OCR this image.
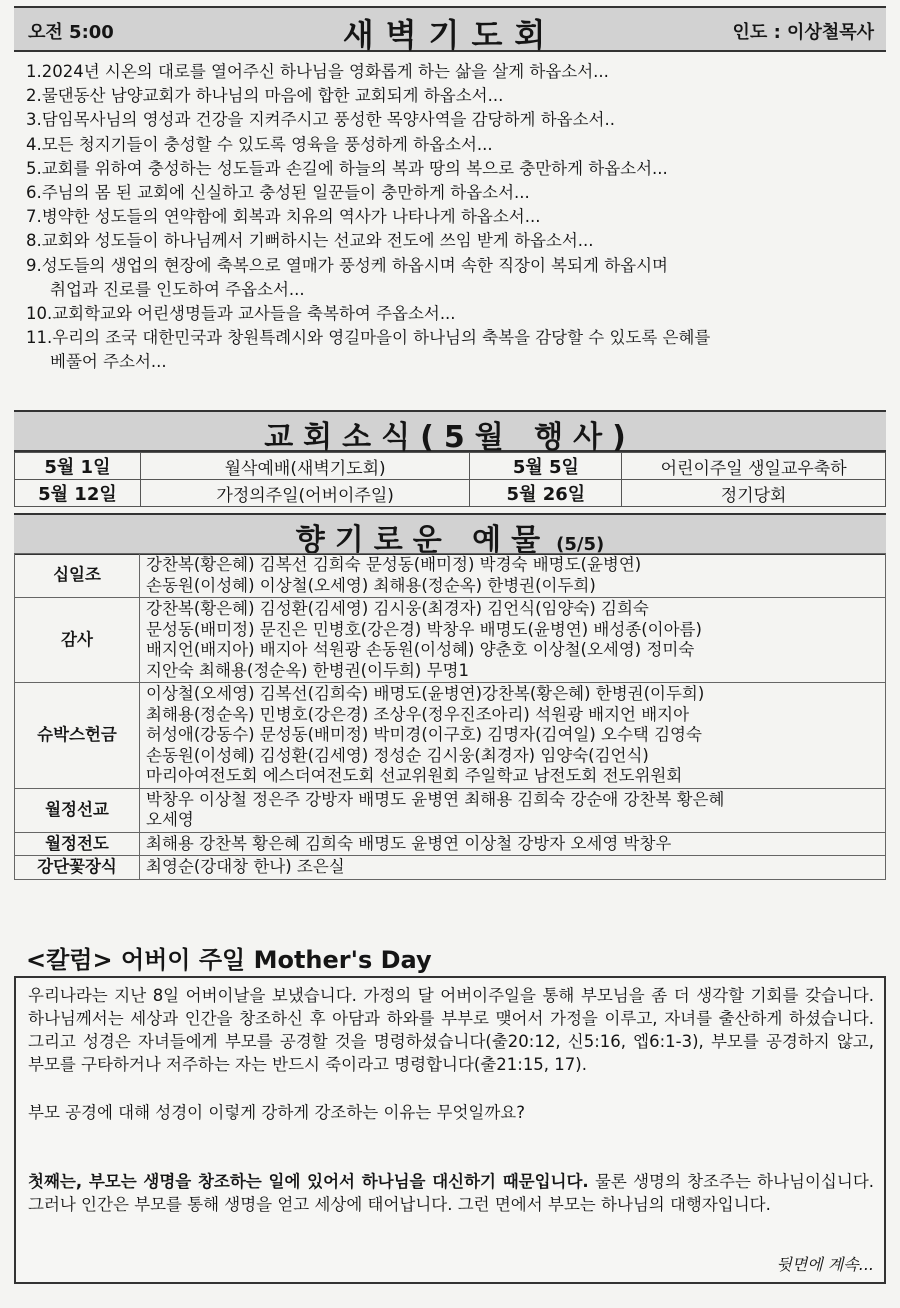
오전 5:00	새벽기도회	인도 : 이상철목사
1.2024년 시온의 대로를 열어주신 하나님을 영화롭게 하는 삶을 살게 하옵소서...
2.물댄동산 남양교회가 하나님의 마음에 합한 교회되게 하옵소서...
3.담임목사님의 영성과 건강을 지켜주시고 풍성한 목양사역을 감당하게 하옵소서..
4.모든 청지기들이 충성할 수 있도록 영육을 풍성하게 하옵소서...
5.교회를 위하여 충성하는 성도들과 손길에 하늘의 복과 땅의 복으로 충만하게 하옵소서...
6.주님의 몸 된 교회에 신실하고 충성된 일꾼들이 충만하게 하옵소서...
7.병약한 성도들의 연약함에 회복과 치유의 역사가 나타나게 하옵소서...
8.교회와 성도들이 하나님께서 기뻐하시는 선교와 전도에 쓰임 받게 하옵소서...
9.성도들의 생업의 현장에 축복으로 열매가 풍성케 하옵시며 속한 직장이 복되게 하옵시며
취업과 진로를 인도하여 주옵소서...
10.교회학교와 어린생명들과 교사들을 축복하여 주옵소서...
11.우리의 조국 대한민국과 창원특례시와 영길마을이 하나님의 축복을 감당할 수 있도록 은혜를
베풀어 주소서...
교회소식(5월 행사)
5월 1일	월삭예배(새벽기도회)	5월 5일	어린이주일 생일교우축하
5월 12일	가정의주일(어버이주일)	5월 26일	정기당회
향기로운 예물 (5/5)
십일조	강찬복(황은혜) 김복선 김희숙 문성동(배미정) 박경숙 배명도(윤병연)
손동원(이성혜) 이상철(오세영) 최해용(정순옥) 한병권(이두희)

감사	강찬복(황은혜) 김성환(김세영) 김시웅(최경자) 김언식(임양숙) 김희숙
문성동(배미정) 문진은 민병호(강은경) 박창우 배명도(윤병연) 배성종(이아름)
배지언(배지아) 배지아 석원광 손동원(이성혜) 양춘호 이상철(오세영) 정미숙
지안숙 최해용(정순옥) 한병권(이두희) 무명1

슈박스헌금	이상철(오세영) 김복선(김희숙) 배명도(윤병연)강찬복(황은혜) 한병권(이두희)
최해용(정순옥) 민병호(강은경) 조상우(정우진조아리) 석원광 배지언 배지아
허성애(강동수) 문성동(배미정) 박미경(이구호) 김명자(김여일) 오수택 김영숙
손동원(이성혜) 김성환(김세영) 정성순 김시웅(최경자) 임양숙(김언식)
마리아여전도회 에스더여전도회 선교위원회 주일학교 남전도회 전도위원회

월정선교	박창우 이상철 정은주 강방자 배명도 윤병연 최해용 김희숙 강순애 강찬복 황은혜
오세영

월정전도	최해용 강찬복 황은혜 김희숙 배명도 윤병연 이상철 강방자 오세영 박창우

강단꽃장식	최영순(강대창 한나) 조은실
<칼럼> 어버이 주일 Mother's Day

우리나라는 지난 8일 어버이날을 보냈습니다. 가정의 달 어버이주일을 통해 부모님을 좀 더 생각할 기회를 갖습니다. 하나님께서는 세상과 인간을 창조하신 후 아담과 하와를 부부로 맺어서 가정을 이루고, 자녀를 출산하게 하셨습니다. 그리고 성경은 자녀들에게 부모를 공경할 것을 명령하셨습니다(출20:12, 신5:16, 엡6:1-3), 부모를 공경하지 않고, 부모를 구타하거나 저주하는 자는 반드시 죽이라고 명령합니다(출21:15, 17).

부모 공경에 대해 성경이 이렇게 강하게 강조하는 이유는 무엇일까요?

첫째는, 부모는 생명을 창조하는 일에 있어서 하나님을 대신하기 때문입니다. 물론 생명의 창조주는 하나님이십니다. 그러나 인간은 부모를 통해 생명을 얻고 세상에 태어납니다. 그런 면에서 부모는 하나님의 대행자입니다.

뒷면에 계속...
